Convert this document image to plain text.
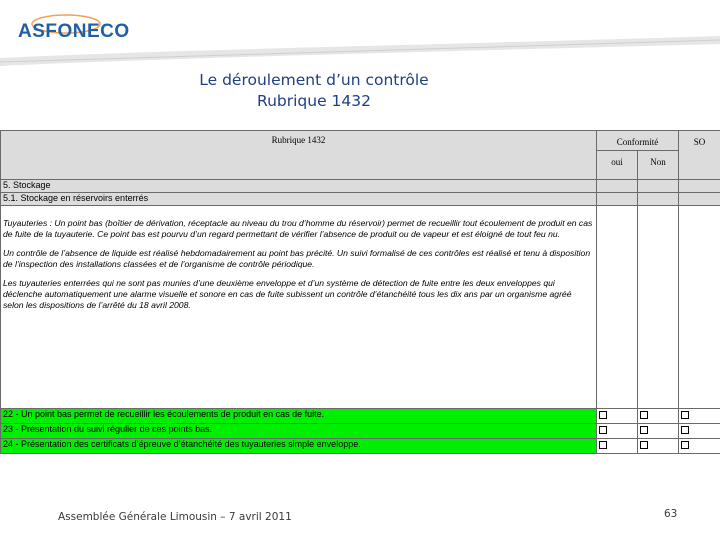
ASFONECO
Le déroulement d’un contrôle
Rubrique 1432
Rubrique 1432	Conformité		SO
	oui	Non	
5. Stockage			
5.1. Stockage en réservoirs enterrés			

Tuyauteries : Un point bas (boîtier de dérivation, réceptacle au niveau du trou d’homme du réservoir) permet de recueillir tout écoulement de produit en cas de fuite de la tuyauterie. Ce point bas est pourvu d’un regard permettant de vérifier l’absence de produit ou de vapeur et est éloigné de tout feu nu.

Un contrôle de l’absence de liquide est réalisé hebdomadairement au point bas précité. Un suivi formalisé de ces contrôles est réalisé et tenu à disposition de l’inspection des installations classées et de l’organisme de contrôle périodique.

Les tuyauteries enterrées qui ne sont pas munies d’une deuxième enveloppe et d’un système de détection de fuite entre les deux enveloppes qui déclenche automatiquement une alarme visuelle et sonore en cas de fuite subissent un contrôle d’étanchéité tous les dix ans par un organisme agréé selon les dispositions de l’arrêté du 18 avril 2008.			

22 - Un point bas permet de recueillir les écoulements de produit en cas de fuite.			
23 - Présentation du suivi régulier de ces points bas.			
24 - Présentation des certificats d’épreuve d’étanchéité des tuyauteries simple enveloppe.			
Assemblée Générale Limousin – 7 avril 2011	63
